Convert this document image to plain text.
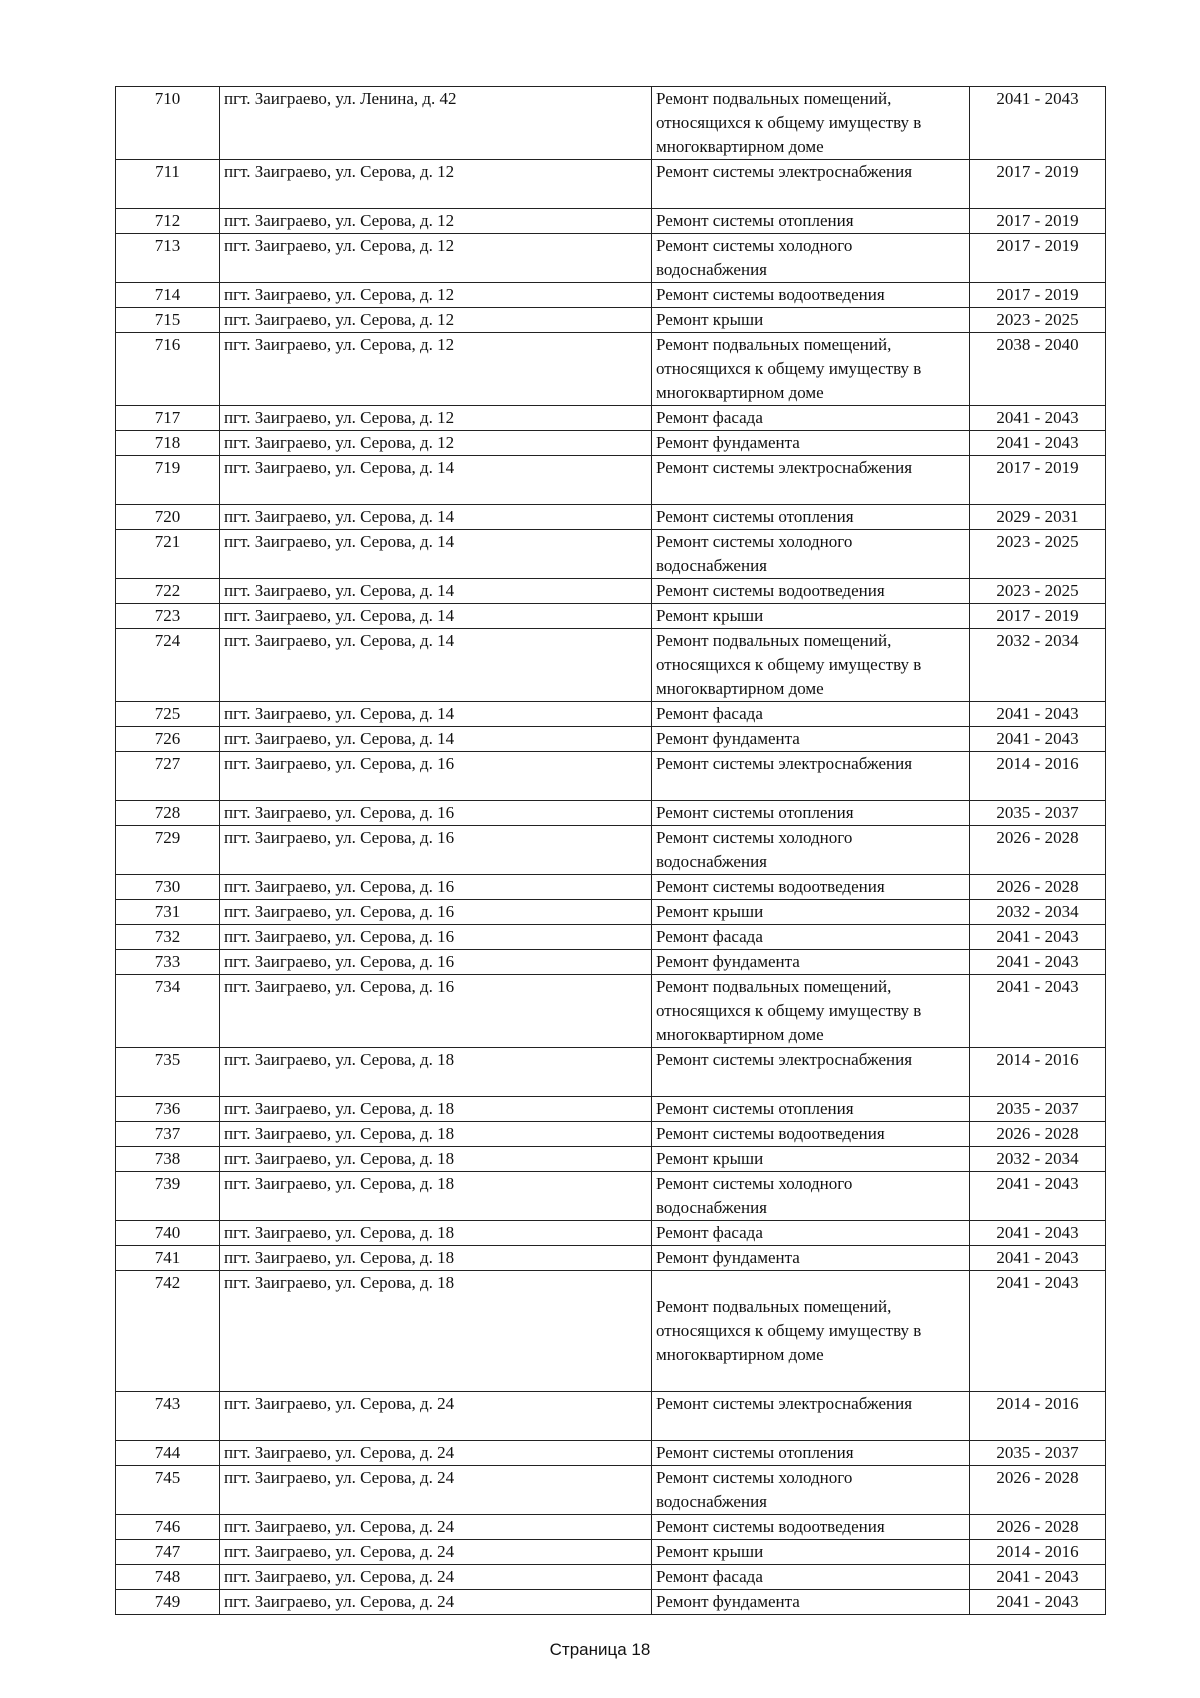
710	пгт. Заиграево, ул. Ленина, д. 42	Ремонт подвальных помещений, относящихся к общему имуществу в многоквартирном доме	2041 - 2043
711	пгт. Заиграево, ул. Серова, д. 12	Ремонт системы электроснабжения	2017 - 2019
712	пгт. Заиграево, ул. Серова, д. 12	Ремонт системы отопления	2017 - 2019
713	пгт. Заиграево, ул. Серова, д. 12	Ремонт системы холодного водоснабжения	2017 - 2019
714	пгт. Заиграево, ул. Серова, д. 12	Ремонт системы водоотведения	2017 - 2019
715	пгт. Заиграево, ул. Серова, д. 12	Ремонт крыши	2023 - 2025
716	пгт. Заиграево, ул. Серова, д. 12	Ремонт подвальных помещений, относящихся к общему имуществу в многоквартирном доме	2038 - 2040
717	пгт. Заиграево, ул. Серова, д. 12	Ремонт фасада	2041 - 2043
718	пгт. Заиграево, ул. Серова, д. 12	Ремонт фундамента	2041 - 2043
719	пгт. Заиграево, ул. Серова, д. 14	Ремонт системы электроснабжения	2017 - 2019
720	пгт. Заиграево, ул. Серова, д. 14	Ремонт системы отопления	2029 - 2031
721	пгт. Заиграево, ул. Серова, д. 14	Ремонт системы холодного водоснабжения	2023 - 2025
722	пгт. Заиграево, ул. Серова, д. 14	Ремонт системы водоотведения	2023 - 2025
723	пгт. Заиграево, ул. Серова, д. 14	Ремонт крыши	2017 - 2019
724	пгт. Заиграево, ул. Серова, д. 14	Ремонт подвальных помещений, относящихся к общему имуществу в многоквартирном доме	2032 - 2034
725	пгт. Заиграево, ул. Серова, д. 14	Ремонт фасада	2041 - 2043
726	пгт. Заиграево, ул. Серова, д. 14	Ремонт фундамента	2041 - 2043
727	пгт. Заиграево, ул. Серова, д. 16	Ремонт системы электроснабжения	2014 - 2016
728	пгт. Заиграево, ул. Серова, д. 16	Ремонт системы отопления	2035 - 2037
729	пгт. Заиграево, ул. Серова, д. 16	Ремонт системы холодного водоснабжения	2026 - 2028
730	пгт. Заиграево, ул. Серова, д. 16	Ремонт системы водоотведения	2026 - 2028
731	пгт. Заиграево, ул. Серова, д. 16	Ремонт крыши	2032 - 2034
732	пгт. Заиграево, ул. Серова, д. 16	Ремонт фасада	2041 - 2043
733	пгт. Заиграево, ул. Серова, д. 16	Ремонт фундамента	2041 - 2043
734	пгт. Заиграево, ул. Серова, д. 16	Ремонт подвальных помещений, относящихся к общему имуществу в многоквартирном доме	2041 - 2043
735	пгт. Заиграево, ул. Серова, д. 18	Ремонт системы электроснабжения	2014 - 2016
736	пгт. Заиграево, ул. Серова, д. 18	Ремонт системы отопления	2035 - 2037
737	пгт. Заиграево, ул. Серова, д. 18	Ремонт системы водоотведения	2026 - 2028
738	пгт. Заиграево, ул. Серова, д. 18	Ремонт крыши	2032 - 2034
739	пгт. Заиграево, ул. Серова, д. 18	Ремонт системы холодного водоснабжения	2041 - 2043
740	пгт. Заиграево, ул. Серова, д. 18	Ремонт фасада	2041 - 2043
741	пгт. Заиграево, ул. Серова, д. 18	Ремонт фундамента	2041 - 2043
742	пгт. Заиграево, ул. Серова, д. 18	Ремонт подвальных помещений, относящихся к общему имуществу в многоквартирном доме	2041 - 2043
743	пгт. Заиграево, ул. Серова, д. 24	Ремонт системы электроснабжения	2014 - 2016
744	пгт. Заиграево, ул. Серова, д. 24	Ремонт системы отопления	2035 - 2037
745	пгт. Заиграево, ул. Серова, д. 24	Ремонт системы холодного водоснабжения	2026 - 2028
746	пгт. Заиграево, ул. Серова, д. 24	Ремонт системы водоотведения	2026 - 2028
747	пгт. Заиграево, ул. Серова, д. 24	Ремонт крыши	2014 - 2016
748	пгт. Заиграево, ул. Серова, д. 24	Ремонт фасада	2041 - 2043
749	пгт. Заиграево, ул. Серова, д. 24	Ремонт фундамента	2041 - 2043
Страница 18
